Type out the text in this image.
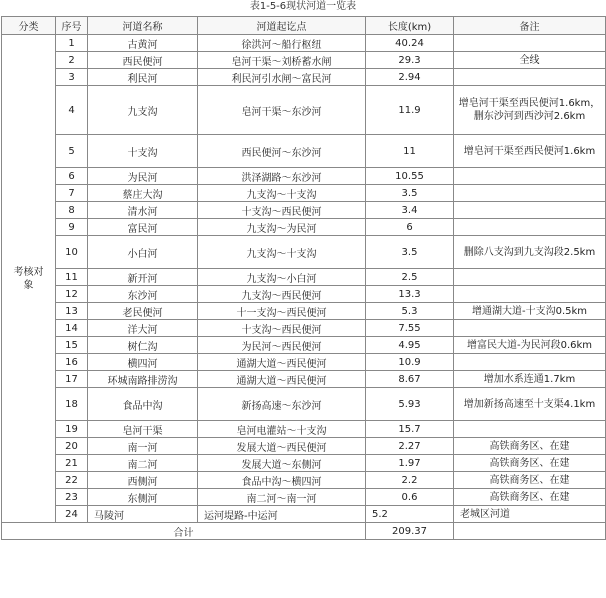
表1-5-6现状河道一览表
分类	序号	河道名称	河道起讫点	长度(km)	备注
考核对象	1	古黄河	徐洪河～船行枢纽	40.24	
	2	西民便河	皂河干渠～刘桥蓄水闸	29.3	全线
	3	利民河	利民河引水闸～富民河	2.94	
	4	九支沟	皂河干渠～东沙河	11.9	增皂河干渠至西民便河1.6km，删东沙河到西沙河2.6km
	5	十支沟	西民便河～东沙河	11	增皂河干渠至西民便河1.6km
	6	为民河	洪泽湖路～东沙河	10.55	
	7	蔡庄大沟	九支沟～十支沟	3.5	
	8	清水河	十支沟～西民便河	3.4	
	9	富民河	九支沟～为民河	6	
	10	小白河	九支沟～十支沟	3.5	删除八支沟到九支沟段2.5km
	11	新开河	九支沟～小白河	2.5	
	12	东沙河	九支沟～西民便河	13.3	
	13	老民便河	十一支沟～西民便河	5.3	增通湖大道-十支沟0.5km
	14	洋大河	十支沟～西民便河	7.55	
	15	树仁沟	为民河～西民便河	4.95	增富民大道-为民河段0.6km
	16	横四河	通湖大道～西民便河	10.9	
	17	环城南路排涝沟	通湖大道～西民便河	8.67	增加水系连通1.7km
	18	食品中沟	新扬高速～东沙河	5.93	增加新扬高速至十支渠4.1km
	19	皂河干渠	皂河电灌站～十支沟	15.7	
	20	南一河	发展大道～西民便河	2.27	高铁商务区、在建
	21	南二河	发展大道～东侧河	1.97	高铁商务区、在建
	22	西侧河	食品中沟～横四河	2.2	高铁商务区、在建
	23	东侧河	南二河～南一河	0.6	高铁商务区、在建
	24	马陵河	运河堤路-中运河	5.2	老城区河道
合计				209.37	
